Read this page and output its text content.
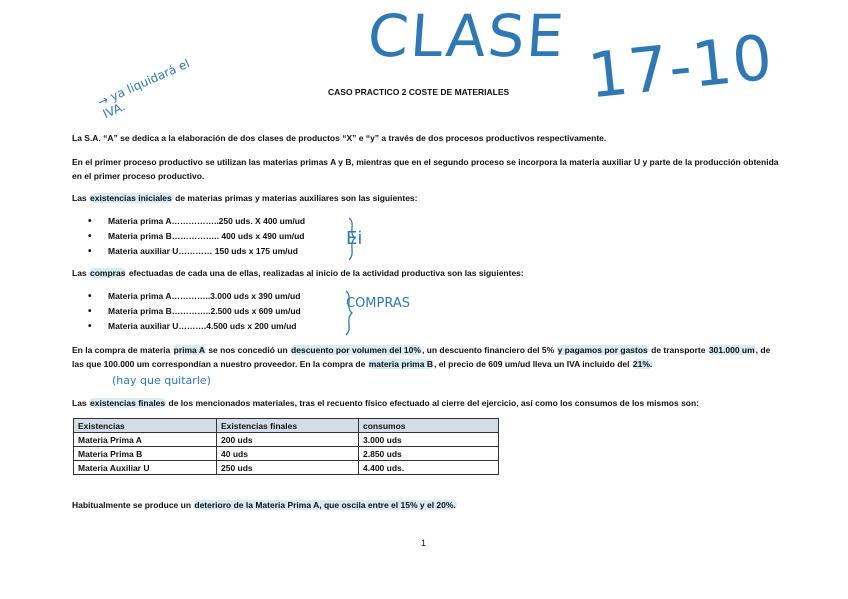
CLASE 17-10
→ ya liquidará el IVA.
CASO PRACTICO 2 COSTE DE MATERIALES
La S.A. “A” se dedica a la elaboración de dos clases de productos “X” e “y” a través de dos procesos productivos respectivamente.
En el primer proceso productivo se utilizan las materias primas A y B, mientras que en el segundo proceso se incorpora la materia auxiliar U y parte de la producción obtenida en el primer proceso productivo.
Las existencias iniciales de materias primas y materias auxiliares son las siguientes:
• Materia prima A……………..250 uds. X 400 um/ud
• Materia prima B…………….. 400 uds x 490 um/ud
• Materia auxiliar U………… 150 uds x 175 um/ud
Ei
Las compras efectuadas de cada una de ellas, realizadas al inicio de la actividad productiva son las siguientes:
• Materia prima A…………..3.000 uds x 390 um/ud
• Materia prima B…………..2.500 uds x 609 um/ud
• Materia auxiliar U……….4.500 uds x 200 um/ud
COMPRAS
En la compra de materia prima A se nos concedió un descuento por volumen del 10%, un descuento financiero del 5% y pagamos por gastos de transporte 301.000 um, de las que 100.000 um correspondían a nuestro proveedor. En la compra de materia prima B, el precio de 609 um/ud lleva un IVA incluido del 21%.
(hay que quitarle)
Las existencias finales de los mencionados materiales, tras el recuento físico efectuado al cierre del ejercicio, así como los consumos de los mismos son:
Existencias	Existencias finales	consumos
Materia Prima A	200 uds	3.000 uds
Materia Prima B	40 uds	2.850 uds
Materia Auxiliar U	250 uds	4.400 uds.
Habitualmente se produce un deterioro de la Materia Prima A, que oscila entre el 15% y el 20%.
1
